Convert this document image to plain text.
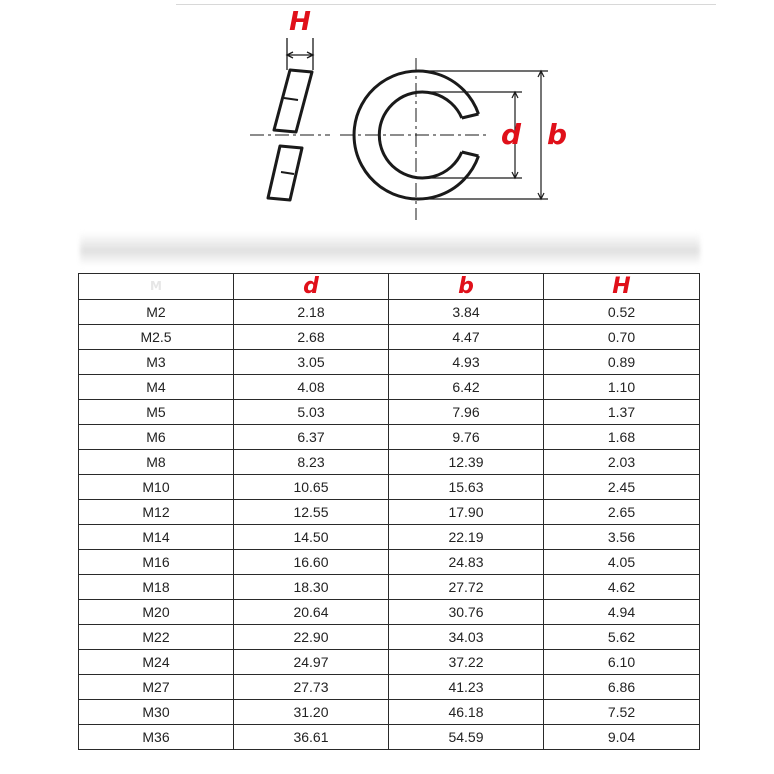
H
d b
M	d	b	H
M2	2.18	3.84	0.52
M2.5	2.68	4.47	0.70
M3	3.05	4.93	0.89
M4	4.08	6.42	1.10
M5	5.03	7.96	1.37
M6	6.37	9.76	1.68
M8	8.23	12.39	2.03
M10	10.65	15.63	2.45
M12	12.55	17.90	2.65
M14	14.50	22.19	3.56
M16	16.60	24.83	4.05
M18	18.30	27.72	4.62
M20	20.64	30.76	4.94
M22	22.90	34.03	5.62
M24	24.97	37.22	6.10
M27	27.73	41.23	6.86
M30	31.20	46.18	7.52
M36	36.61	54.59	9.04
